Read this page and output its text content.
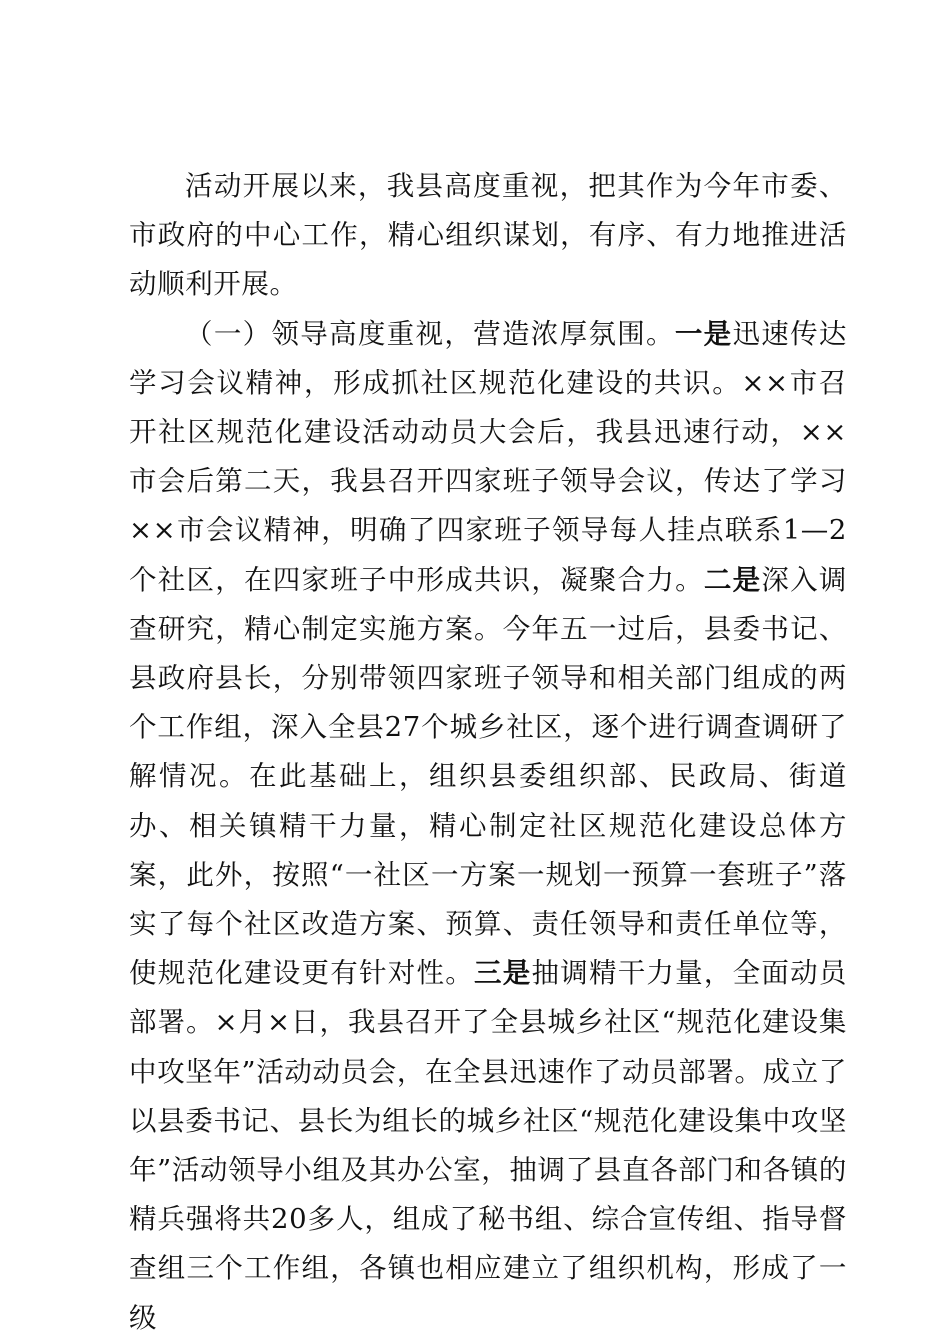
活动开展以来，我县高度重视，把其作为今年市委、市政府的中心工作，精心组织谋划，有序、有力地推进活动顺利开展。

（一）领导高度重视，营造浓厚氛围。一是迅速传达学习会议精神，形成抓社区规范化建设的共识。××市召开社区规范化建设活动动员大会后，我县迅速行动，××市会后第二天，我县召开四家班子领导会议，传达了学习××市会议精神，明确了四家班子领导每人挂点联系1—2个社区，在四家班子中形成共识，凝聚合力。二是深入调查研究，精心制定实施方案。今年五一过后，县委书记、县政府县长，分别带领四家班子领导和相关部门组成的两个工作组，深入全县27个城乡社区，逐个进行调查调研了解情况。在此基础上，组织县委组织部、民政局、街道办、相关镇精干力量，精心制定社区规范化建设总体方案，此外，按照“一社区一方案一规划一预算一套班子”落实了每个社区改造方案、预算、责任领导和责任单位等，使规范化建设更有针对性。三是抽调精干力量，全面动员部署。×月×日，我县召开了全县城乡社区“规范化建设集中攻坚年”活动动员会，在全县迅速作了动员部署。成立了以县委书记、县长为组长的城乡社区“规范化建设集中攻坚年”活动领导小组及其办公室，抽调了县直各部门和各镇的精兵强将共20多人，组成了秘书组、综合宣传组、指导督查组三个工作组，各镇也相应建立了组织机构，形成了一级
